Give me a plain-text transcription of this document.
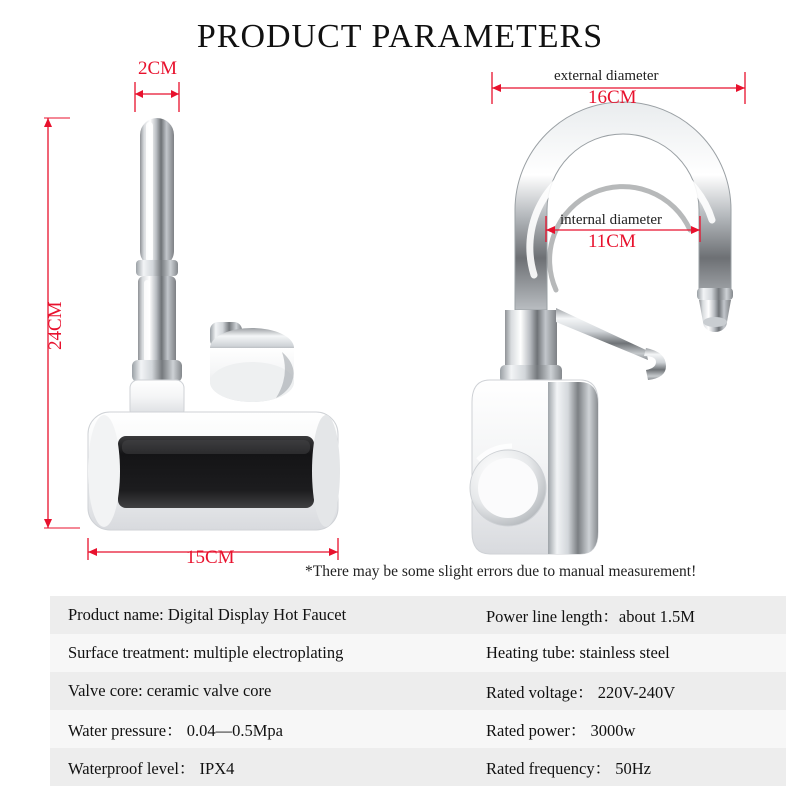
PRODUCT PARAMETERS
2CM
24CM
15CM
external diameter
16CM
internal diameter
11CM
*There may be some slight errors due to manual measurement!
Product name: Digital Display Hot Faucet	Power line length：about 1.5M
Surface treatment: multiple electroplating	Heating tube: stainless steel
Valve core: ceramic valve core	Rated voltage： 220V-240V
Water pressure： 0.04—0.5Mpa	Rated power： 3000w
Waterproof level： IPX4	Rated frequency： 50Hz
